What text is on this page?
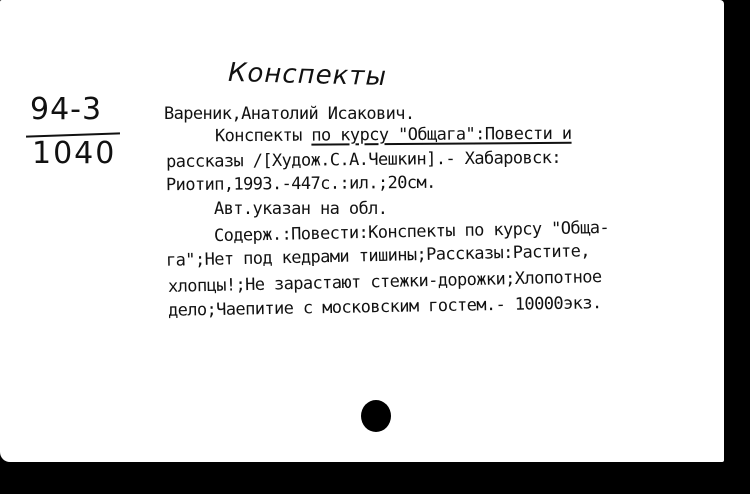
Конспекты
94-3
1040
Вареник,Анатолий Исакович.
Конспекты по курсу "Общага":Повести и
рассказы /[Худож.С.А.Чешкин].- Хабаровск:
Риотип,1993.-447с.:ил.;20см.
Авт.указан на обл.
Содерж.:Повести:Конспекты по курсу "Обща-
га";Нет под кедрами тишины;Рассказы:Растите,
хлопцы!;Не зарастают стежки-дорожки;Хлопотное
дело;Чаепитие с московским гостем.- 10000экз.
